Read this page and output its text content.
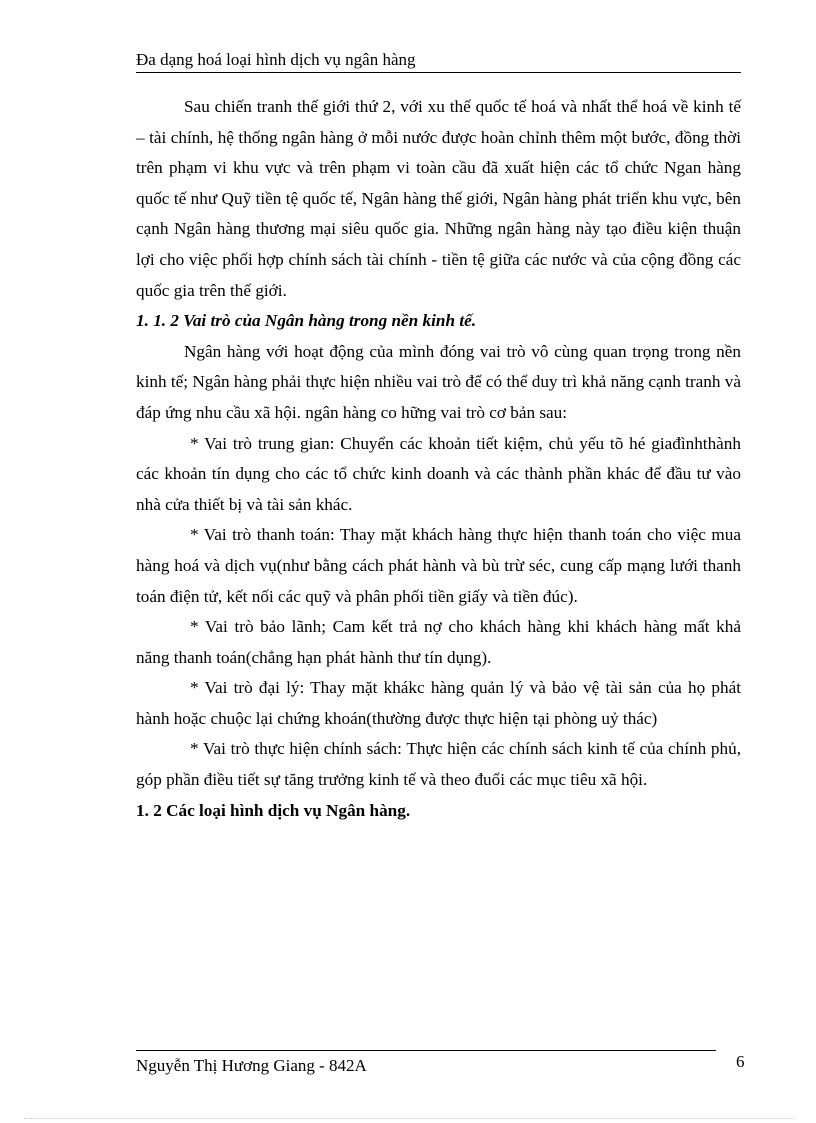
Đa dạng hoá loại hình dịch vụ ngân hàng

Sau chiến tranh thế giới thứ 2, với xu thế quốc tế hoá và nhất thể hoá về kinh tế – tài chính, hệ thống ngân hàng ở mỗi nước được hoàn chỉnh thêm một bước, đồng thời trên phạm vi khu vực và trên phạm vi toàn cầu đã xuất hiện các tổ chức Ngan hàng quốc tế như Quỹ tiền tệ quốc tế, Ngân hàng thế giới, Ngân hàng phát triển khu vực, bên cạnh Ngân hàng thương mại siêu quốc gia. Những ngân hàng này tạo điều kiện thuận lợi cho việc phối hợp chính sách tài chính - tiền tệ giữa các nước và của cộng đồng các quốc gia trên thế giới.

1. 1. 2 Vai trò của Ngân hàng trong nền kinh tế.

Ngân hàng với hoạt động của mình đóng vai trò vô cùng quan trọng trong nền kinh tế; Ngân hàng phải thực hiện nhiều vai trò để có thể duy trì khả năng cạnh tranh và đáp ứng nhu cầu xã hội. ngân hàng co hững vai trò cơ bản sau:

* Vai trò trung gian: Chuyển các khoản tiết kiệm, chủ yếu tõ hé giađìnhthành các khoản tín dụng cho các tổ chức kinh doanh và các thành phần khác để đầu tư vào nhà cửa thiết bị và tài sản khác.

* Vai trò thanh toán: Thay mặt khách hàng thực hiện thanh toán cho việc mua hàng hoá và dịch vụ(như bằng cách phát hành và bù trừ séc, cung cấp mạng lưới thanh toán điện tử, kết nối các quỹ và phân phối tiền giấy và tiền đúc).

* Vai trò bảo lãnh; Cam kết trả nợ cho khách hàng khi khách hàng mất khả năng thanh toán(chẳng hạn phát hành thư tín dụng).

* Vai trò đại lý: Thay mặt khákc hàng quản lý và bảo vệ tài sản của họ phát hành hoặc chuộc lại chứng khoán(thường được thực hiện tại phòng uỷ thác)

* Vai trò thực hiện chính sách: Thực hiện các chính sách kinh tế của chính phủ, góp phần điều tiết sự tăng trưởng kinh tế và theo đuổi các mục tiêu xã hội.

1. 2 Các loại hình dịch vụ Ngân hàng.

Nguyễn Thị Hương Giang - 842A	6
